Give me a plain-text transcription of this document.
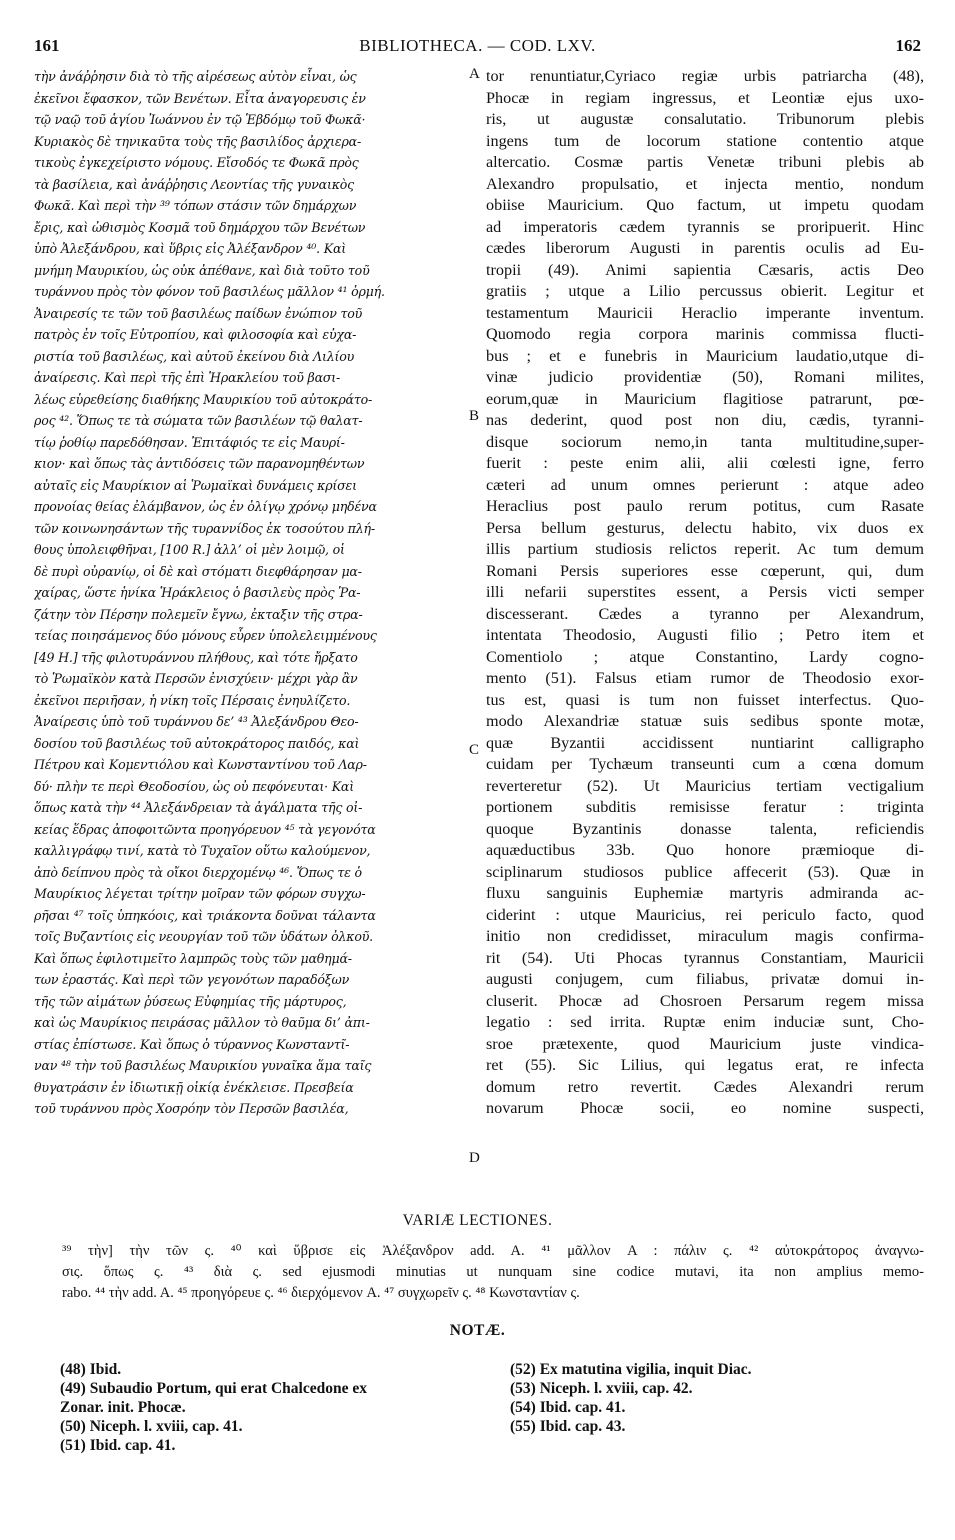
161	BIBLIOTHECA. — COD. LXV.	162
τὴν ἀνάῤῥησιν διὰ τὸ τῆς αἱρέσεως αὐτὸν εἶναι, ὡς
ἐκεῖνοι ἔφασκον, τῶν Βενέτων. Εἶτα ἀναγορευσις ἐν
τῷ ναῷ τοῦ ἁγίου Ἰωάννου ἐν τῷ Ἑβδόμῳ τοῦ Φωκᾶ·
Κυριακὸς δὲ τηνικαῦτα τοὺς τῆς βασιλίδος ἀρχιερα-
τικοὺς ἐγκεχείριστο νόμους. Εἴσοδός τε Φωκᾶ πρὸς
τὰ βασίλεια, καὶ ἀνάῤῥησις Λεοντίας τῆς γυναικὸς
Φωκᾶ. Καὶ περὶ τὴν ³⁹ τόπων στάσιν τῶν δημάρχων
ἔρις, καὶ ὠθισμὸς Κοσμᾶ τοῦ δημάρχου τῶν Βενέτων
ὑπὸ Ἀλεξάνδρου, καὶ ὕβρις εἰς Ἀλέξανδρον ⁴⁰. Καὶ
μνήμη Μαυρικίου, ὡς οὐκ ἀπέθανε, καὶ διὰ τοῦτο τοῦ
τυράννου πρὸς τὸν φόνον τοῦ βασιλέως μᾶλλον ⁴¹ ὁρμή.
Ἀναιρεσίς τε τῶν τοῦ βασιλέως παίδων ἐνώπιον τοῦ
πατρὸς ἐν τοῖς Εὐτροπίου, καὶ φιλοσοφία καὶ εὐχα-
ριστία τοῦ βασιλέως, καὶ αὐτοῦ ἐκείνου διὰ Λιλίου
ἀναίρεσις. Καὶ περὶ τῆς ἐπὶ Ἡρακλείου τοῦ βασι-
λέως εὑρεθείσης διαθήκης Μαυρικίου τοῦ αὐτοκράτο-
ρος ⁴². Ὅπως τε τὰ σώματα τῶν βασιλέων τῷ θαλατ-
τίῳ ῥοθίῳ παρεδόθησαν. Ἐπιτάφιός τε εἰς Μαυρί-
κιον· καὶ ὅπως τὰς ἀντιδόσεις τῶν παρανομηθέντων
αὐταῖς εἰς Μαυρίκιον αἱ Ῥωμαϊκαὶ δυνάμεις κρίσει
προνοίας θείας ἐλάμβανον, ὡς ἐν ὀλίγῳ χρόνῳ μηδένα
τῶν κοινωνησάντων τῆς τυραννίδος ἐκ τοσούτου πλή-
θους ὑπολειφθῆναι, [100 R.] ἀλλ’ οἱ μὲν λοιμῷ, οἱ
δὲ πυρὶ οὐρανίῳ, οἱ δὲ καὶ στόματι διεφθάρησαν μα-
χαίρας, ὥστε ἡνίκα Ἡράκλειος ὁ βασιλεὺς πρὸς Ῥα-
ζάτην τὸν Πέρσην πολεμεῖν ἔγνω, ἐκταξιν τῆς στρα-
τείας ποιησάμενος δύο μόνους εὗρεν ὑπολελειμμένους
[49 H.] τῆς φιλοτυράννου πλήθους, καὶ τότε ἤρξατο
τὸ Ῥωμαϊκὸν κατὰ Περσῶν ἐνισχύειν· μέχρι γὰρ ἂν
ἐκεῖνοι περιῆσαν, ἡ νίκη τοῖς Πέρσαις ἐνηυλίζετο.
Ἀναίρεσις ὑπὸ τοῦ τυράννου δε’ ⁴³ Ἀλεξάνδρου Θεο-
δοσίου τοῦ βασιλέως τοῦ αὐτοκράτορος παιδός, καὶ
Πέτρου καὶ Κομεντιόλου καὶ Κωνσταντίνου τοῦ Λαρ-
δύ· πλὴν τε περὶ Θεοδοσίου, ὡς οὐ πεφόνευται· Καὶ
ὅπως κατὰ τὴν ⁴⁴ Ἀλεξάνδρειαν τὰ ἀγάλματα τῆς οἰ-
κείας ἕδρας ἀποφοιτῶντα προηγόρευον ⁴⁵ τὰ γεγονότα
καλλιγράφῳ τινί, κατὰ τὸ Τυχαῖον οὕτω καλούμενον,
ἀπὸ δείπνου πρὸς τὰ οἴκοι διερχομένῳ ⁴⁶. Ὅπως τε ὁ
Μαυρίκιος λέγεται τρίτην μοῖραν τῶν φόρων συγχω-
ρῆσαι ⁴⁷ τοῖς ὑπηκόοις, καὶ τριάκοντα δοῦναι τάλαντα
τοῖς Βυζαντίοις εἰς νεουργίαν τοῦ τῶν ὑδάτων ὀλκοῦ.
Καὶ ὅπως ἐφιλοτιμεῖτο λαμπρῶς τοὺς τῶν μαθημά-
των ἐραστάς. Καὶ περὶ τῶν γεγονότων παραδόξων
τῆς τῶν αἱμάτων ῥύσεως Εὐφημίας τῆς μάρτυρος,
καὶ ὡς Μαυρίκιος πειράσας μᾶλλον τὸ θαῦμα δι’ ἀπι-
στίας ἐπίστωσε. Καὶ ὅπως ὁ τύραννος Κωνσταντῖ-
ναν ⁴⁸ τὴν τοῦ βασιλέως Μαυρικίου γυναῖκα ἅμα ταῖς
θυγατράσιν ἐν ἰδιωτικῇ οἰκίᾳ ἐνέκλεισε. Πρεσβεία
τοῦ τυράννου πρὸς Χοσρόην τὸν Περσῶν βασιλέα,
tor renuntiatur,Cyriaco regiæ urbis patriarcha (48),
Phocæ in regiam ingressus, et Leontiæ ejus uxo-
ris, ut augustæ consalutatio. Tribunorum plebis
ingens tum de locorum statione contentio atque
altercatio. Cosmæ partis Venetæ tribuni plebis ab
Alexandro propulsatio, et injecta mentio, nondum
obiise Mauricium. Quo factum, ut impetu quodam
ad imperatoris cædem tyrannis se proripuerit. Hinc
cædes liberorum Augusti in parentis oculis ad Eu-
tropii (49). Animi sapientia Cæsaris, actis Deo
gratiis ; utque a Lilio percussus obierit. Legitur et
testamentum Mauricii Heraclio imperante inventum.
Quomodo regia corpora marinis commissa flucti-
bus ; et e funebris in Mauricium laudatio,utque di-
vinæ judicio providentiæ (50), Romani milites,
eorum,quæ in Mauricium flagitiose patrarunt, pœ-
nas dederint, quod post non diu, cædis, tyranni-
disque sociorum nemo,in tanta multitudine,super-
fuerit : peste enim alii, alii cœlesti igne, ferro
cæteri ad unum omnes perierunt : atque adeo
Heraclius post paulo rerum potitus, cum Rasate
Persa bellum gesturus, delectu habito, vix duos ex
illis partium studiosis relictos reperit. Ac tum demum
Romani Persis superiores esse cœperunt, qui, dum
illi nefarii superstites essent, a Persis victi semper
discesserant. Cædes a tyranno per Alexandrum,
intentata Theodosio, Augusti filio ; Petro item et
Comentiolo ; atque Constantino, Lardy cogno-
mento (51). Falsus etiam rumor de Theodosio exor-
tus est, quasi is tum non fuisset interfectus. Quo-
modo Alexandriæ statuæ suis sedibus sponte motæ,
quæ Byzantii accidissent nuntiarint calligrapho
cuidam per Tychæum transeunti cum a cœna domum
reverteretur (52). Ut Mauricius tertiam vectigalium
portionem subditis remisisse feratur : triginta
quoque Byzantinis donasse talenta, reficiendis
aquæductibus 33b. Quo honore præmioque di-
sciplinarum studiosos publice affecerit (53). Quæ in
fluxu sanguinis Euphemiæ martyris admiranda ac-
ciderint : utque Mauricius, rei periculo facto, quod
initio non credidisset, miraculum magis confirma-
rit (54). Uti Phocas tyrannus Constantiam, Mauricii
augusti conjugem, cum filiabus, privatæ domui in-
cluserit. Phocæ ad Chosroen Persarum regem missa
legatio : sed irrita. Ruptæ enim induciæ sunt, Cho-
sroe prætexente, quod Mauricium juste vindica-
ret (55). Sic Lilius, qui legatus erat, re infecta
domum retro revertit. Cædes Alexandri rerum
novarum Phocæ socii, eo nomine suspecti,
A
B
C
D
VARIÆ LECTIONES.
³⁹ τὴν] τὴν τῶν ς. ⁴⁰ καὶ ὕβρισε εἰς Ἀλέξανδρον add. A. ⁴¹ μᾶλλον A : πάλιν ς. ⁴² αὐτοκράτορος ἀναγνω-
σις. ὅπως ς. ⁴³ διὰ ς. sed ejusmodi minutias ut nunquam sine codice mutavi, ita non amplius memo-
rabo. ⁴⁴ τὴν add. A. ⁴⁵ προηγόρευε ς. ⁴⁶ διερχόμενον A. ⁴⁷ συγχωρεῖν ς. ⁴⁸ Κωνσταντίαν ς.
NOTÆ.
(48) Ibid.
(49) Subaudio Portum, qui erat Chalcedone ex
Zonar. init. Phocæ.
(50) Niceph. l. xviii, cap. 41.
(51) Ibid. cap. 41.
(52) Ex matutina vigilia, inquit Diac.
(53) Niceph. l. xviii, cap. 42.
(54) Ibid. cap. 41.
(55) Ibid. cap. 43.
